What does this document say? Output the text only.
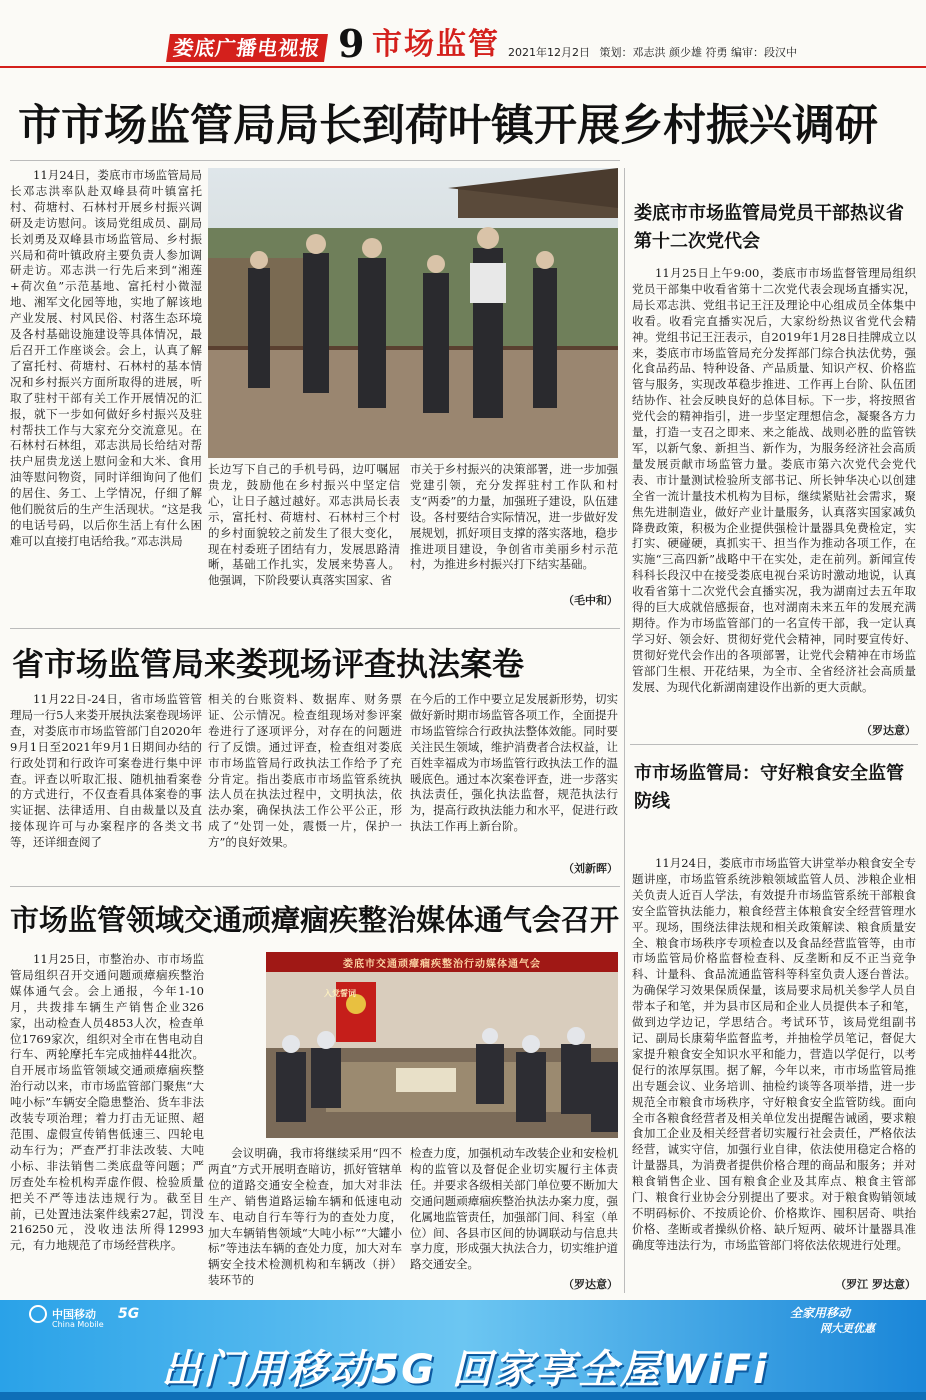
娄底广播电视报 9 市场监管 2021年12月2日 策划：邓志洪 颜少雄 符勇 编审：段汉中
市市场监管局局长到荷叶镇开展乡村振兴调研

11月24日，娄底市市场监管局局长邓志洪率队赴双峰县荷叶镇富托村、荷塘村、石林村开展乡村振兴调研及走访慰问。该局党组成员、副局长刘勇及双峰县市场监管局、乡村振兴局和荷叶镇政府主要负责人参加调研走访。邓志洪一行先后来到“湘莲+荷次鱼”示范基地、富托村小微湿地、湘军文化园等地，实地了解该地产业发展、村风民俗、村落生态环境及各村基础设施建设等具体情况，最后召开工作座谈会。会上，认真了解了富托村、荷塘村、石林村的基本情况和乡村振兴方面所取得的进展，听取了驻村干部有关工作开展情况的汇报，就下一步如何做好乡村振兴及驻村帮扶工作与大家充分交流意见。在石林村石林组，邓志洪局长给结对帮扶户屈贵龙送上慰问金和大米、食用油等慰问物资，同时详细询问了他们的居住、务工、上学情况，仔细了解他们脱贫后的生产生活现状。“这是我的电话号码，以后你生活上有什么困难可以直接打电话给我。”邓志洪局

长边写下自己的手机号码，边叮嘱屈贵龙，鼓励他在乡村振兴中坚定信心，让日子越过越好。邓志洪局长表示，富托村、荷塘村、石林村三个村的乡村面貌较之前发生了很大变化，现在村委班子团结有力，发展思路清晰，基础工作扎实，发展来势喜人。他强调，下阶段要认真落实国家、省

市关于乡村振兴的决策部署，进一步加强党建引领，充分发挥驻村工作队和村支“两委”的力量，加强班子建设，队伍建设。各村要结合实际情况，进一步做好发展规划，抓好项目支撑的落实落地，稳步推进项目建设，争创省市美丽乡村示范村，为推进乡村振兴打下结实基础。

（毛中和）
省市场监管局来娄现场评查执法案卷

11月22日-24日，省市场监管管理局一行5人来娄开展执法案卷现场评查，对娄底市市场监管部门自2020年9月1日至2021年9月1日期间办结的行政处罚和行政许可案卷进行集中评查。评查以听取汇报、随机抽看案卷的方式进行，不仅查看具体案卷的事实证据、法律适用、自由裁量以及直接体现许可与办案程序的各类文书等，还详细查阅了

相关的台账资料、数据库、财务票证、公示情况。检查组现场对参评案卷进行了逐项评分，对存在的问题进行了反馈。通过评查，检查组对娄底市市场监管局行政执法工作给予了充分肯定。指出娄底市市场监管系统执法人员在执法过程中，文明执法，依法办案，确保执法工作公平公正，形成了“处罚一处，震慑一片，保护一方”的良好效果。

在今后的工作中要立足发展新形势，切实做好新时期市场监管各项工作，全面提升市场监管综合行政执法整体效能。同时要关注民生领域，维护消费者合法权益，让百姓幸福成为市场监管行政执法工作的温暖底色。通过本次案卷评查，进一步落实执法责任，强化执法监督，规范执法行为，提高行政执法能力和水平，促进行政执法工作再上新台阶。

（刘新晖）
市场监管领域交通顽瘴痼疾整治媒体通气会召开

11月25日，市整治办、市市场监管局组织召开交通问题顽瘴痼疾整治媒体通气会。会上通报，今年1-10月，共拨排车辆生产销售企业326家，出动检查人员4853人次，检查单位1769家次，组织对全市在售电动自行车、两轮摩托车完成抽样44批次。自开展市场监管领域交通顽瘴痼疾整治行动以来，市市场监管部门聚焦“大吨小标”车辆安全隐患整治、货车非法改装专项治理；着力打击无证照、超范围、虚假宣传销售低速三、四轮电动车行为；严查严打非法改装、大吨小标、非法销售二类底盘等问题；严厉查处车检机构弄虚作假、检验质量把关不严等违法违规行为。截至目前，已处置违法案件线索27起，罚没216250元，没收违法所得12993元，有力地规范了市场经营秩序。

娄底市交通顽瘴痼疾整治行动媒体通气会
入党誓词

会议明确，我市将继续采用“四不两直”方式开展明查暗访，抓好管辖单位的道路交通安全检查，加大对非法生产、销售道路运输车辆和低速电动车、电动自行车等行为的查处力度，加大车辆销售领域“大吨小标”“大罐小标”等违法车辆的查处力度，加大对车辆安全技术检测机构和车辆改（拼）装环节的

检查力度，加强机动车改装企业和安检机构的监管以及督促企业切实履行主体责任。并要求各级相关部门单位要不断加大交通问题顽瘴痼疾整治执法办案力度，强化属地监管责任，加强部门间、科室（单位）间、各县市区间的协调联动与信息共享力度，形成强大执法合力，切实维护道路交通安全。

（罗达意）
娄底市市场监管局党员干部热议省第十二次党代会

11月25日上午9:00，娄底市市场监督管理局组织党员干部集中收看省第十二次党代表会现场直播实况，局长邓志洪、党组书记王汪及理论中心组成员全体集中收看。收看完直播实况后，大家纷纷热议省党代会精神。党组书记王汪表示，自2019年1月28日挂牌成立以来，娄底市市场监管局充分发挥部门综合执法优势，强化食品药品、特种设备、产品质量、知识产权、价格监管与服务，实现改革稳步推进、工作再上台阶、队伍团结协作、社会反映良好的总体目标。下一步，将按照省党代会的精神指引，进一步坚定理想信念，凝聚各方力量，打造一支召之即来、来之能战、战则必胜的监管铁军，以新气象、新担当、新作为，为服务经济社会高质量发展贡献市场监管力量。娄底市第六次党代会党代表、市计量测试检验所支部书记、所长钟华决心以创建全省一流计量技术机构为目标，继续紧贴社会需求，聚焦先进制造业，做好产业计量服务，认真落实国家减负降费政策，积极为企业提供强检计量器具免费检定，实打实、硬碰硬，真抓实干、担当作为推动各项工作，在实施“三高四新”战略中干在实处，走在前列。新闻宣传科科长段汉中在接受娄底电视台采访时激动地说，认真收看省第十二次党代会直播实况，我为湖南过去五年取得的巨大成就倍感振奋，也对湖南未来五年的发展充满期待。作为市场监管部门的一名宣传干部，我一定认真学习好、领会好、贯彻好党代会精神，同时要宣传好、贯彻好党代会作出的各项部署，让党代会精神在市场监管部门生根、开花结果，为全市、全省经济社会高质量发展、为现代化新湖南建设作出新的更大贡献。

（罗达意）
市市场监管局：守好粮食安全监管防线

11月24日，娄底市市场监管大讲堂举办粮食安全专题讲座，市场监管系统涉粮领域监管人员、涉粮企业相关负责人近百人学法，有效提升市场监管系统干部粮食安全监管执法能力，粮食经营主体粮食安全经营管理水平。现场，围绕法律法规和相关政策解读、粮食质量安全、粮食市场秩序专项检查以及食品经营监管等，由市市场监管局价格监督检查科、反垄断和反不正当竞争科、计量科、食品流通监管科等科室负责人逐台普法。为确保学习效果保质保量，该局要求局机关参学人员自带本子和笔，并为县市区局和企业人员提供本子和笔，做到边学边记，学思结合。考试环节，该局党组副书记、副局长康菊华监督监考，并抽检学员笔记，督促大家提升粮食安全知识水平和能力，营造以学促行，以考促行的浓厚氛围。据了解，今年以来，市市场监管局推出专题会议、业务培训、抽检约谈等各项举措，进一步规范全市粮食市场秩序，守好粮食安全监管防线。面向全市各粮食经营者及相关单位发出提醒告诫函，要求粮食加工企业及相关经营者切实履行社会责任，严格依法经营，诚实守信，加强行业自律，依法使用稳定合格的计量器具，为消费者提供价格合理的商品和服务；并对粮食销售企业、国有粮食企业及其库点、粮食主管部门、粮食行业协会分别提出了要求。对于粮食购销领域不明码标价、不按质论价、价格欺诈、囤积居奇、哄抬价格、垄断或者操纵价格、缺斤短两、破坏计量器具准确度等违法行为，市场监管部门将依法依规进行处理。

（罗江 罗达意）
中国移动
China Mobile
5G	全家用移动
网大更优惠
出门用移动5G 回家享全屋WiFi
